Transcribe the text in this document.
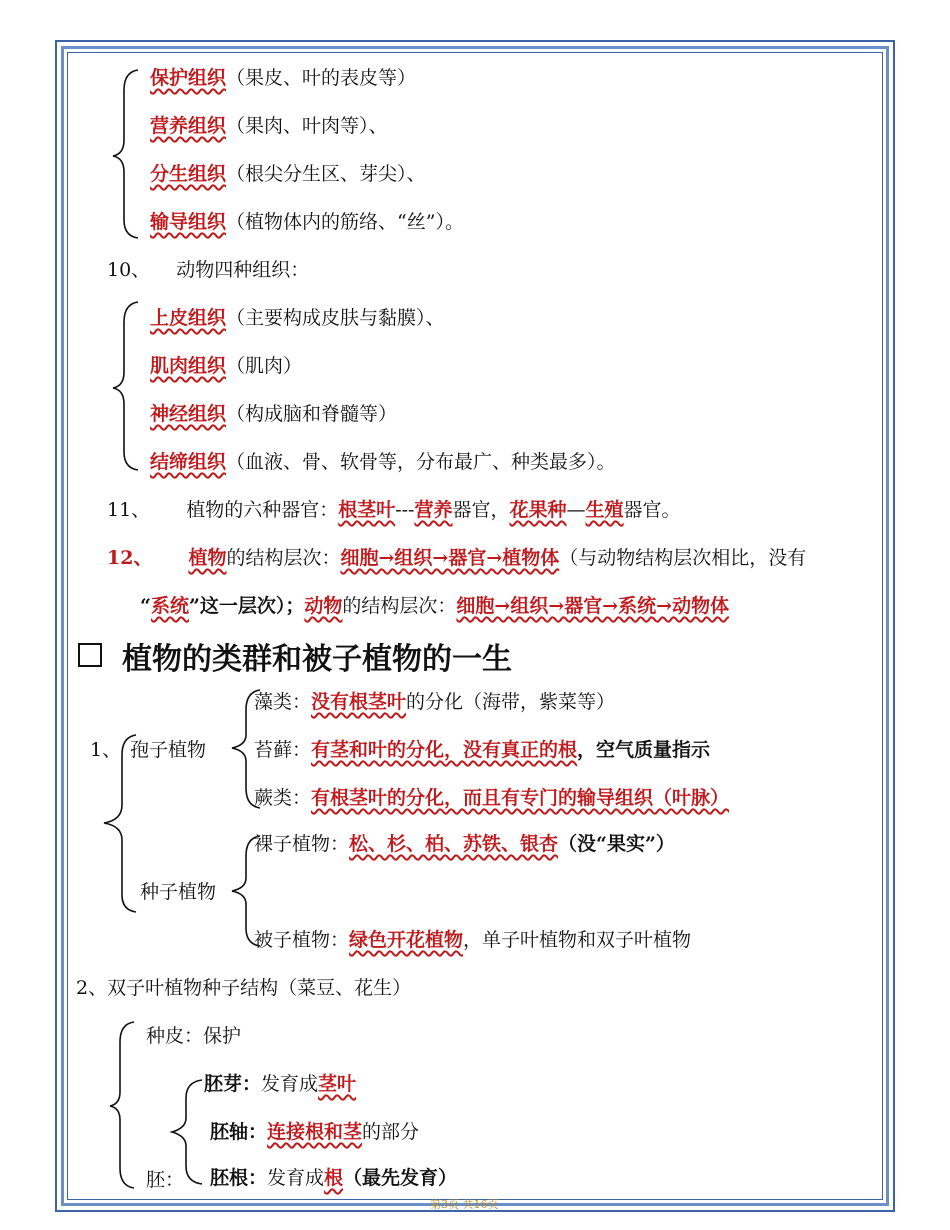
保护组织（果皮、叶的表皮等）
营养组织（果肉、叶肉等）、
分生组织（根尖分生区、芽尖）、
输导组织（植物体内的筋络、“丝”）。
10、 动物四种组织：
上皮组织（主要构成皮肤与黏膜）、
肌肉组织（肌肉）
神经组织（构成脑和脊髓等）
结缔组织（血液、骨、软骨等，分布最广、种类最多）。
11、 植物的六种器官：根茎叶---营养器官，花果种—生殖器官。
12、 植物的结构层次：细胞→组织→器官→植物体（与动物结构层次相比，没有
“系统”这一层次）；动物的结构层次：细胞→组织→器官→系统→动物体
植物的类群和被子植物的一生
1、 孢子植物
藻类：没有根茎叶的分化（海带，紫菜等）
苔藓：有茎和叶的分化，没有真正的根，空气质量指示
蕨类：有根茎叶的分化，而且有专门的输导组织（叶脉）
种子植物
裸子植物：松、杉、柏、苏铁、银杏（没“果实”）
被子植物：绿色开花植物，单子叶植物和双子叶植物
2、双子叶植物种子结构（菜豆、花生）
种皮：保护
胚：
胚芽：发育成茎叶
胚轴：连接根和茎的部分
胚根：发育成根（最先发育）
第3页 共16页
